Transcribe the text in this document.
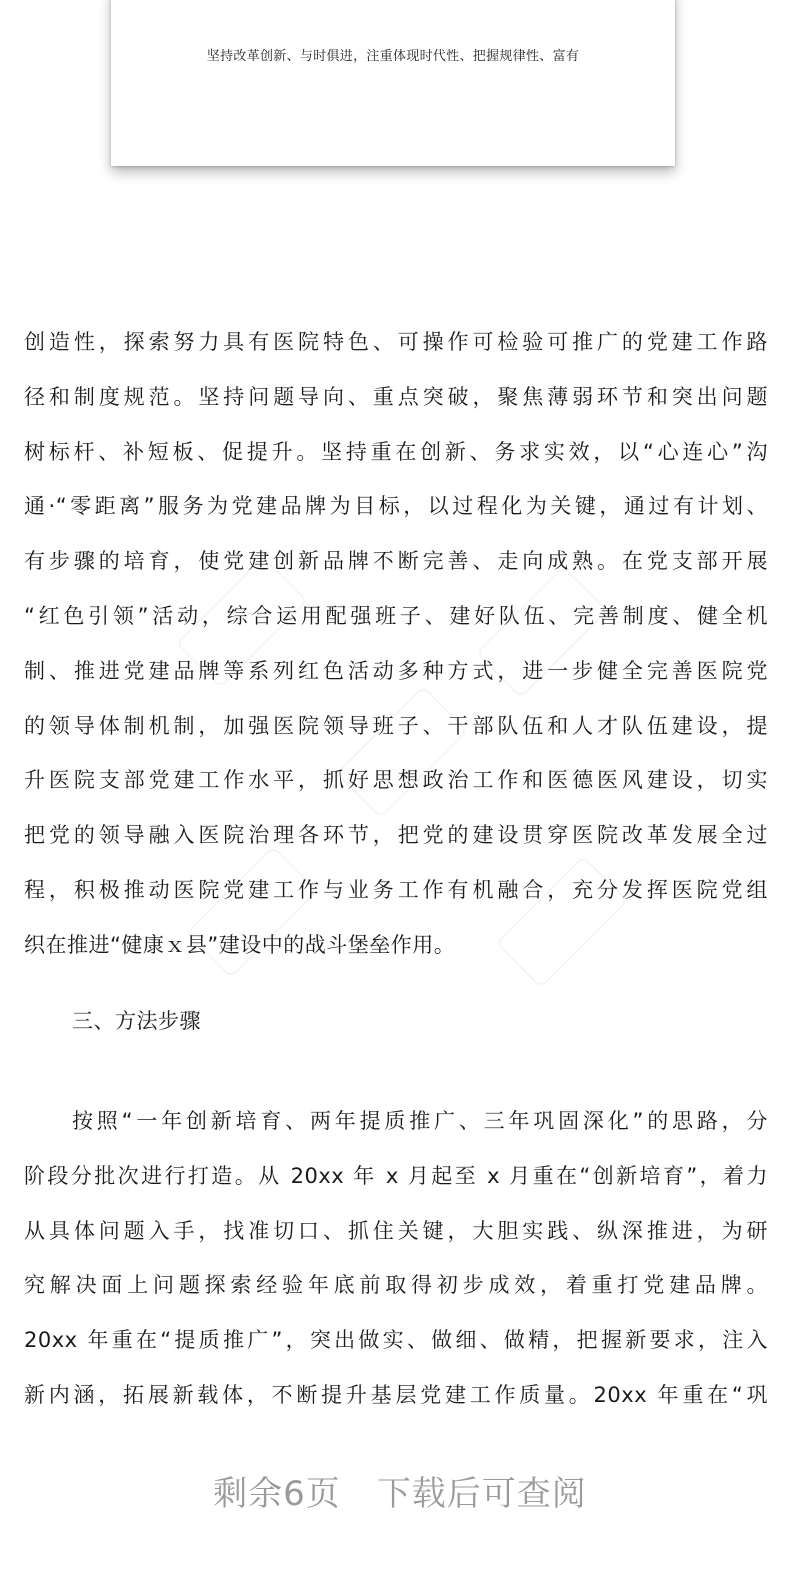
坚持改革创新、与时俱进，注重体现时代性、把握规律性、富有
创造性，探索努力具有医院特色、可操作可检验可推广的党建工作路
径和制度规范。坚持问题导向、重点突破，聚焦薄弱环节和突出问题
树标杆、补短板、促提升。坚持重在创新、务求实效，以“心连心”沟
通·“零距离”服务为党建品牌为目标，以过程化为关键，通过有计划、
有步骤的培育，使党建创新品牌不断完善、走向成熟。在党支部开展
“红色引领”活动，综合运用配强班子、建好队伍、完善制度、健全机
制、推进党建品牌等系列红色活动多种方式，进一步健全完善医院党
的领导体制机制，加强医院领导班子、干部队伍和人才队伍建设，提
升医院支部党建工作水平，抓好思想政治工作和医德医风建设，切实
把党的领导融入医院治理各环节，把党的建设贯穿医院改革发展全过
程，积极推动医院党建工作与业务工作有机融合，充分发挥医院党组
织在推进“健康ｘ县”建设中的战斗堡垒作用。
三、方法步骤
按照“一年创新培育、两年提质推广、三年巩固深化”的思路，分
阶段分批次进行打造。从 20xx 年 x 月起至 x 月重在“创新培育”，着力
从具体问题入手，找准切口、抓住关键，大胆实践、纵深推进，为研
究解决面上问题探索经验年底前取得初步成效，着重打党建品牌。
20xx 年重在“提质推广”，突出做实、做细、做精，把握新要求，注入
新内涵，拓展新载体，不断提升基层党建工作质量。20xx 年重在“巩
剩余6页 下载后可查阅
